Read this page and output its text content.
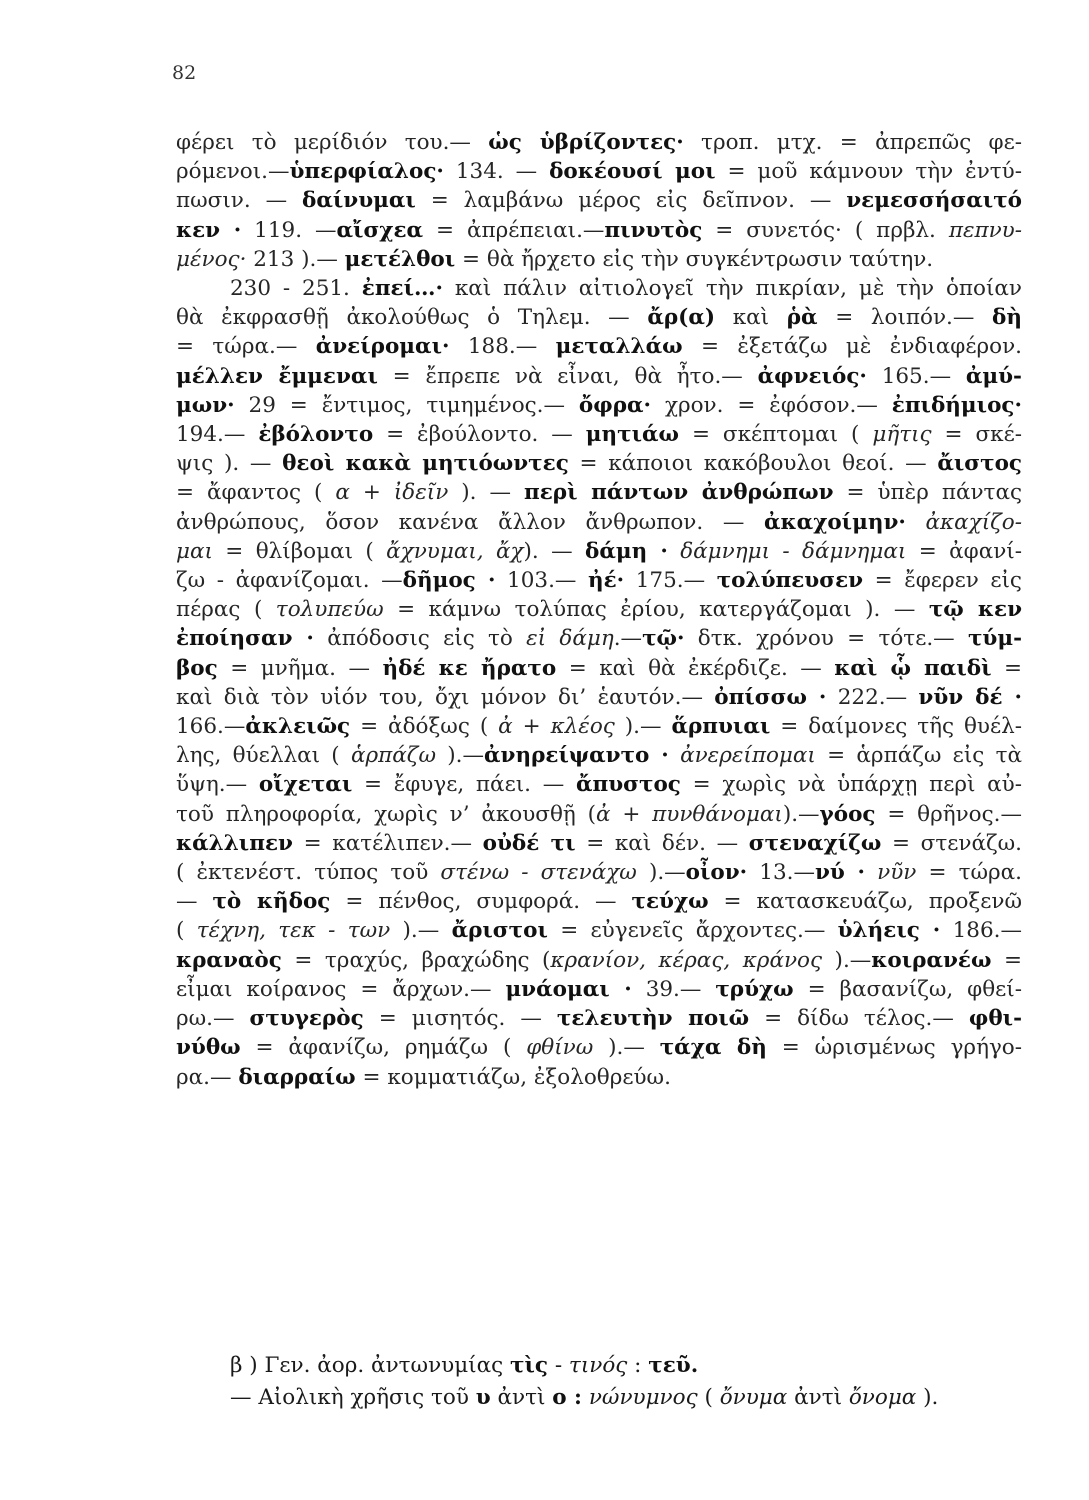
82
φέρει τὸ μερίδιόν του.— ὡς ὑβρίζοντες· τροπ. μτχ. = ἀπρεπῶς φε-
ρόμενοι.—ὑπερφίαλος· 134. — δοκέουσί μοι = μοῦ κάμνουν τὴν ἐντύ-
πωσιν. — δαίνυμαι = λαμβάνω μέρος εἰς δεῖπνον. — νεμεσσήσαιτό
κεν · 119. —αἴσχεα = ἀπρέπειαι.—πινυτὸς = συνετός· ( πρβλ. πεπνυ-
μένος· 213 ).— μετέλθοι = θὰ ἤρχετο εἰς τὴν συγκέντρωσιν ταύτην.
230 - 251. ἐπεί…· καὶ πάλιν αἰτιολογεῖ τὴν πικρίαν, μὲ τὴν ὁποίαν
θὰ ἐκφρασθῇ ἀκολούθως ὁ Τηλεμ. — ἄρ(α) καὶ ῥὰ = λοιπόν.— δὴ
= τώρα.— ἀνείρομαι· 188.— μεταλλάω = ἐξετάζω μὲ ἐνδιαφέρον.
μέλλεν ἔμμεναι = ἔπρεπε νὰ εἶναι, θὰ ἦτο.— ἀφνειός· 165.— ἀμύ-
μων· 29 = ἔντιμος, τιμημένος.— ὄφρα· χρον. = ἐφόσον.— ἐπιδήμιος·
194.— ἐβόλοντο = ἐβούλοντο. — μητιάω = σκέπτομαι ( μῆτις = σκέ-
ψις ). — θεοὶ κακὰ μητιόωντες = κάποιοι κακόβουλοι θεοί. — ἄιστος
= ἄφαντος ( α + ἰδεῖν ). — περὶ πάντων ἀνθρώπων = ὑπὲρ πάντας
ἀνθρώπους, ὅσον κανένα ἄλλον ἄνθρωπον. — ἀκαχοίμην· ἀκαχίζο-
μαι = θλίβομαι ( ἄχνυμαι, ἄχ). — δάμη · δάμνημι - δάμνημαι = ἀφανί-
ζω - ἀφανίζομαι. —δῆμος · 103.— ἠέ· 175.— τολύπευσεν = ἔφερεν εἰς
πέρας ( τολυπεύω = κάμνω τολύπας ἐρίου, κατεργάζομαι ). — τῷ κεν
ἐποίησαν · ἀπόδοσις εἰς τὸ εἰ δάμη.—τῷ· δτκ. χρόνου = τότε.— τύμ-
βος = μνῆμα. — ἠδέ κε ἤρατο = καὶ θὰ ἐκέρδιζε. — καὶ ᾧ παιδὶ =
καὶ διὰ τὸν υἱόν του, ὄχι μόνον δι’ ἑαυτόν.— ὀπίσσω · 222.— νῦν δέ ·
166.—ἀκλειῶς = ἀδόξως ( ἀ + κλέος ).— ἅρπυιαι = δαίμονες τῆς θυέλ-
λης, θύελλαι ( ἁρπάζω ).—ἀνηρείψαντο · ἀνερείπομαι = ἁρπάζω εἰς τὰ
ὕψη.— οἴχεται = ἔφυγε, πάει. — ἄπυστος = χωρὶς νὰ ὑπάρχῃ περὶ αὐ-
τοῦ πληροφορία, χωρὶς ν’ ἀκουσθῇ (ἀ + πυνθάνομαι).—γόος = θρῆνος.—
κάλλιπεν = κατέλιπεν.— οὐδέ τι = καὶ δέν. — στεναχίζω = στενάζω.
( ἐκτενέστ. τύπος τοῦ στένω - στενάχω ).—οἶον· 13.—νύ · νῦν = τώρα.
— τὸ κῆδος = πένθος, συμφορά. — τεύχω = κατασκευάζω, προξενῶ
( τέχνη, τεκ - των ).— ἄριστοι = εὐγενεῖς ἄρχοντες.— ὑλήεις · 186.—
κραναὸς = τραχύς, βραχώδης (κρανίον, κέρας, κράνος ).—κοιρανέω =
εἶμαι κοίρανος = ἄρχων.— μνάομαι · 39.— τρύχω = βασανίζω, φθεί-
ρω.— στυγερὸς = μισητός. — τελευτὴν ποιῶ = δίδω τέλος.— φθι-
νύθω = ἀφανίζω, ρημάζω ( φθίνω ).— τάχα δὴ = ὡρισμένως γρήγο-
ρα.— διαρραίω = κομματιάζω, ἐξολοθρεύω.
β ) Γεν. ἀορ. ἀντωνυμίας τὶς - τινός : τεῦ.
— Αἰολικὴ χρῆσις τοῦ υ ἀντὶ ο : νώνυμνος ( ὄνυμα ἀντὶ ὄνομα ).
